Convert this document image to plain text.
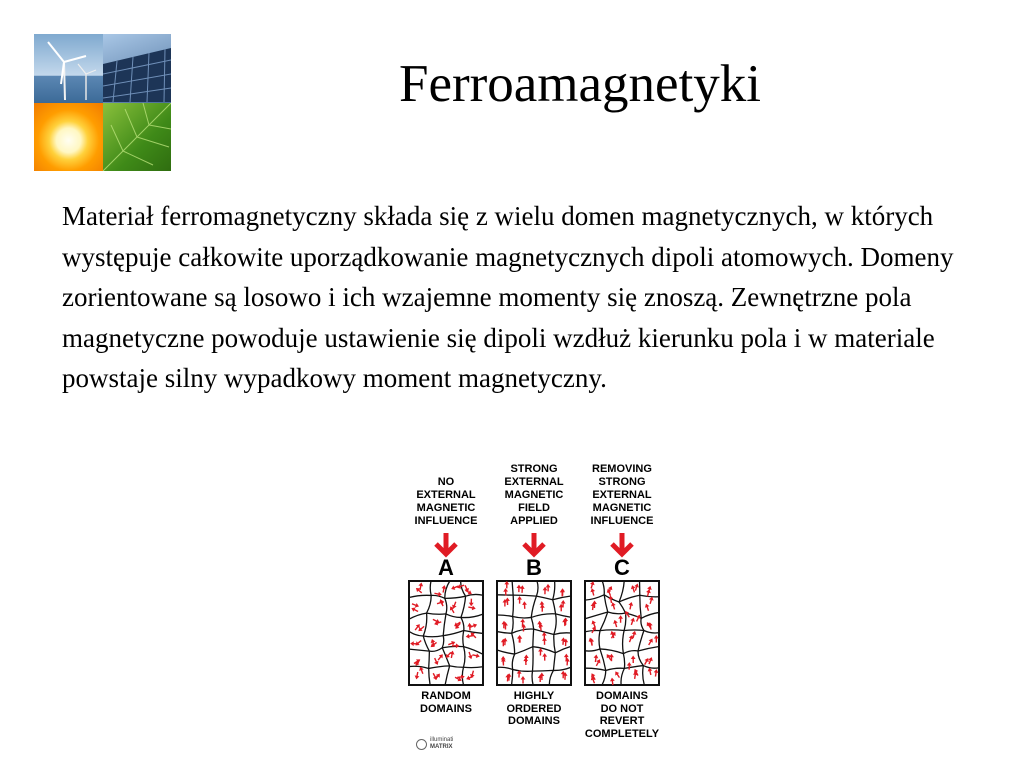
Ferroamagnetyki

Materiał ferromagnetyczny składa się z wielu domen magnetycznych, w których występuje całkowite uporządkowanie magnetycznych dipoli atomowych. Domeny zorientowane są losowo i ich wzajemne momenty się znoszą. Zewnętrzne pola magnetyczne powoduje ustawienie się dipoli wzdłuż kierunku pola i w materiale powstaje silny wypadkowy moment magnetyczny.

NO
EXTERNAL
MAGNETIC
INFLUENCE
A
RANDOM
DOMAINS
STRONG
EXTERNAL
MAGNETIC
FIELD
APPLIED
B
HIGHLY
ORDERED
DOMAINS
REMOVING
STRONG
EXTERNAL
MAGNETIC
INFLUENCE
C
DOMAINS
DO NOT
REVERT
COMPLETELY
illuminati
MATRIX
